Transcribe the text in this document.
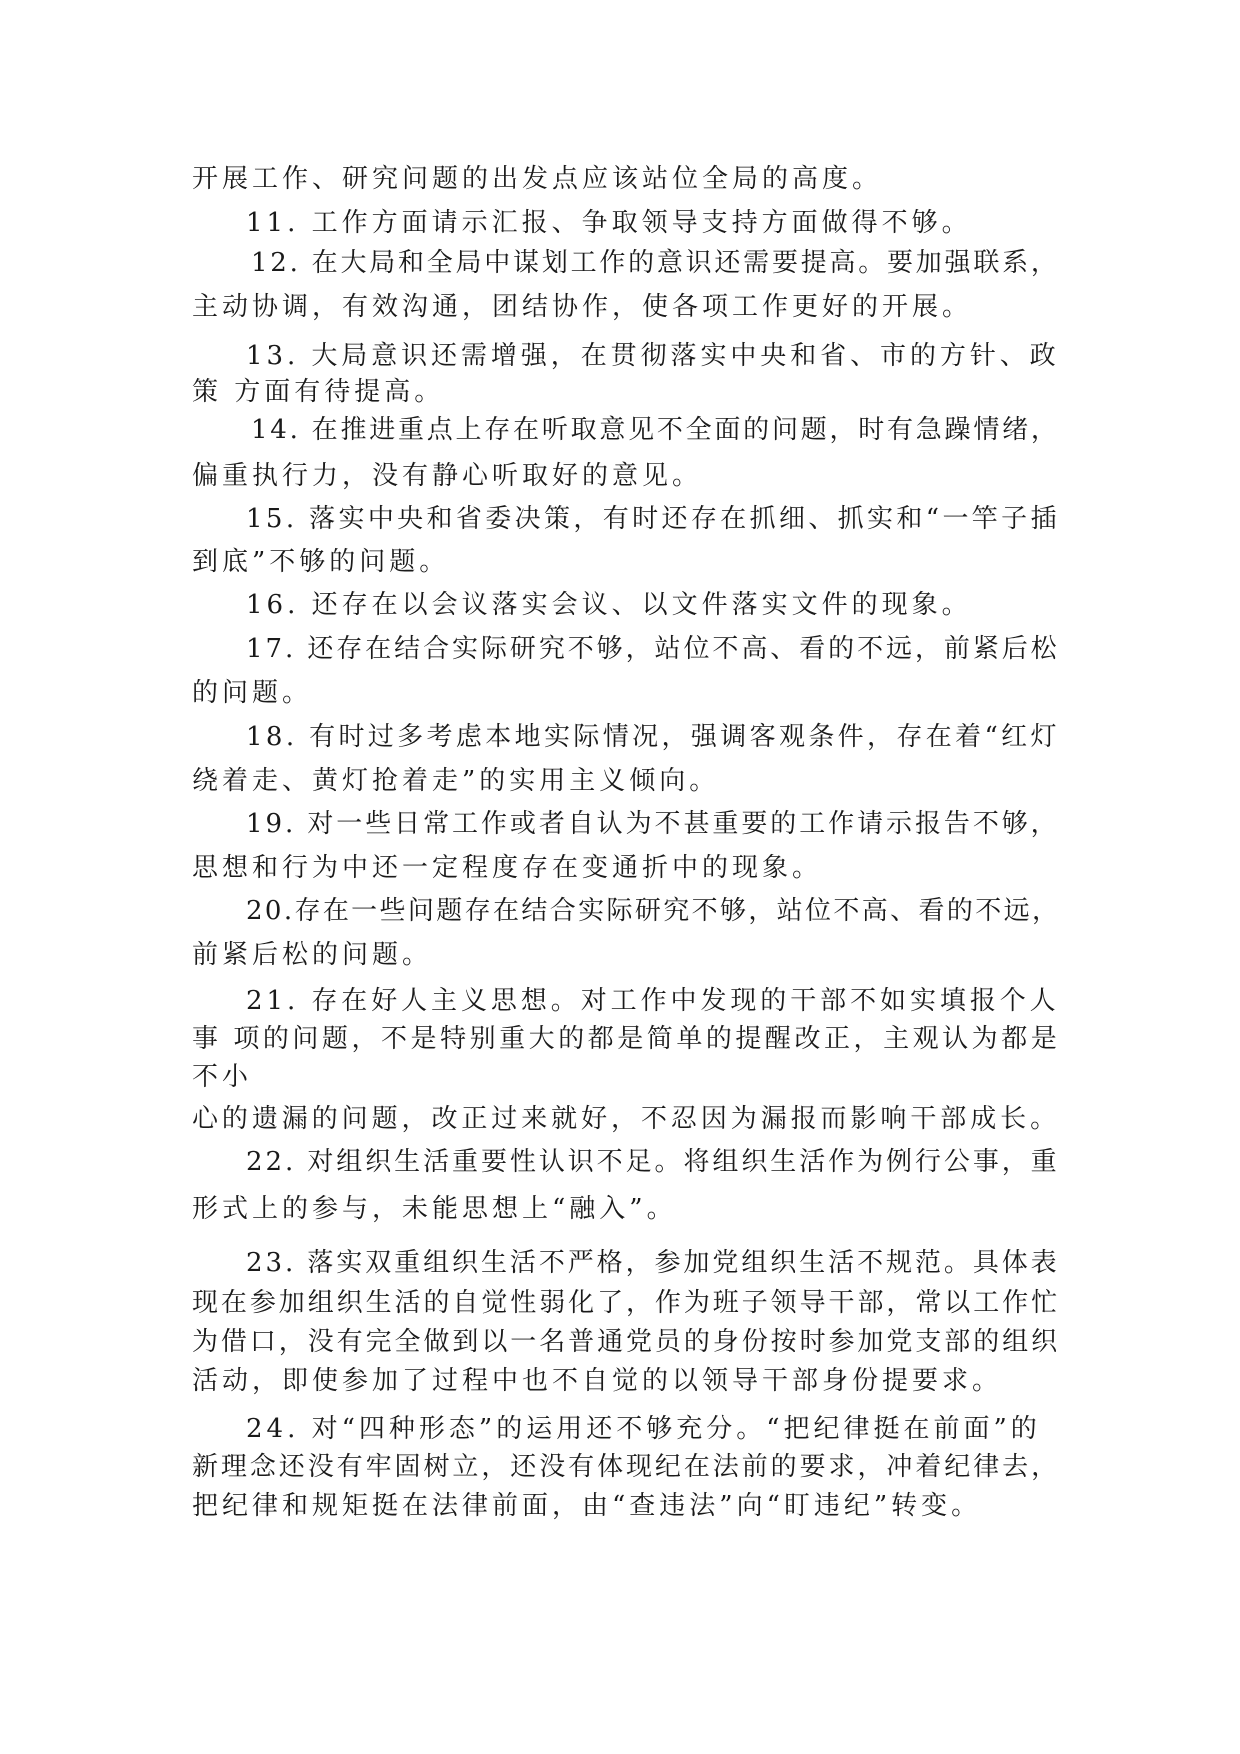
开展工作、研究问题的出发点应该站位全局的高度。
11. 工作方面请示汇报、争取领导支持方面做得不够。
12. 在大局和全局中谋划工作的意识还需要提高。要加强联系，
主动协调，有效沟通，团结协作，使各项工作更好的开展。
13. 大局意识还需增强，在贯彻落实中央和省、市的方针、政
策 方面有待提高。
14. 在推进重点上存在听取意见不全面的问题，时有急躁情绪，
偏重执行力，没有静心听取好的意见。
15. 落实中央和省委决策，有时还存在抓细、抓实和“一竿子插
到底”不够的问题。
16. 还存在以会议落实会议、以文件落实文件的现象。
17. 还存在结合实际研究不够，站位不高、看的不远，前紧后松
的问题。
18. 有时过多考虑本地实际情况，强调客观条件，存在着“红灯
绕着走、黄灯抢着走”的实用主义倾向。
19. 对一些日常工作或者自认为不甚重要的工作请示报告不够，
思想和行为中还一定程度存在变通折中的现象。
20.存在一些问题存在结合实际研究不够，站位不高、看的不远，
前紧后松的问题。
21. 存在好人主义思想。对工作中发现的干部不如实填报个人
事 项的问题，不是特别重大的都是简单的提醒改正，主观认为都是
不小
心的遗漏的问题，改正过来就好，不忍因为漏报而影响干部成长。
22. 对组织生活重要性认识不足。将组织生活作为例行公事，重
形式上的参与，未能思想上“融入”。
23. 落实双重组织生活不严格，参加党组织生活不规范。具体表
现在参加组织生活的自觉性弱化了，作为班子领导干部，常以工作忙
为借口，没有完全做到以一名普通党员的身份按时参加党支部的组织
活动，即使参加了过程中也不自觉的以领导干部身份提要求。
24. 对“四种形态”的运用还不够充分。“把纪律挺在前面”的
新理念还没有牢固树立，还没有体现纪在法前的要求，冲着纪律去，
把纪律和规矩挺在法律前面，由“查违法”向“盯违纪”转变。
